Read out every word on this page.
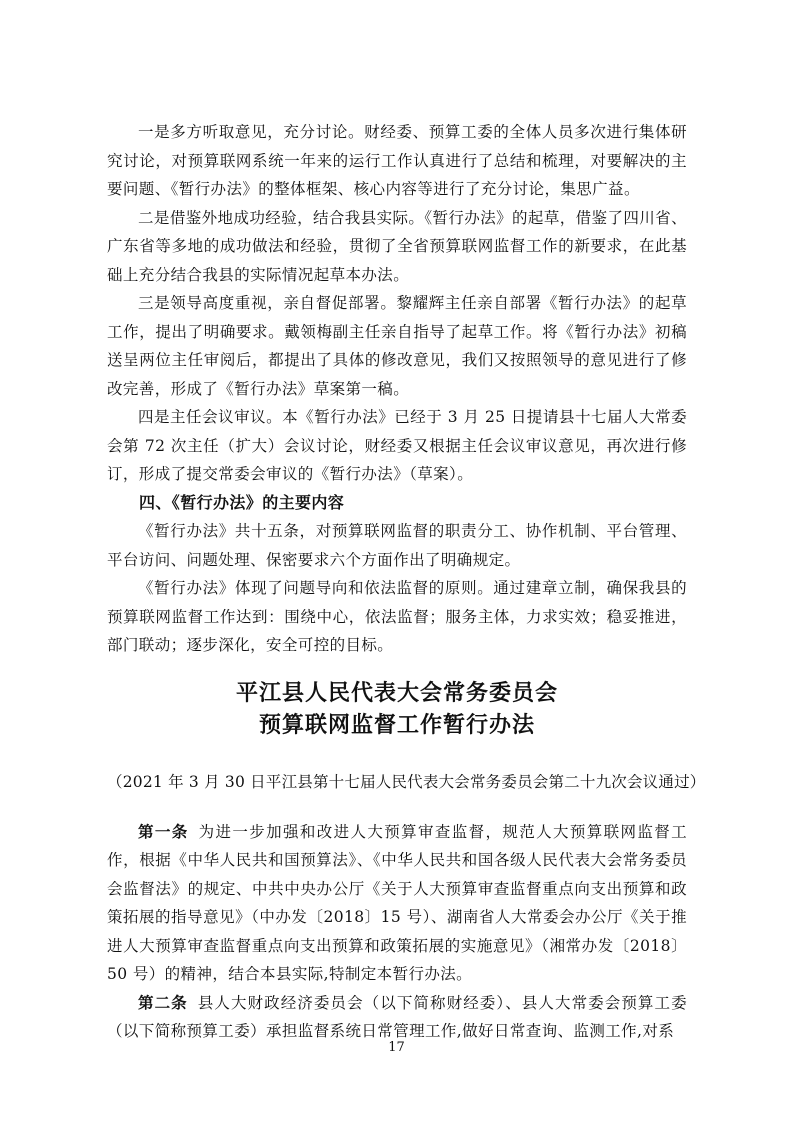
一是多方听取意见，充分讨论。财经委、预算工委的全体人员多次进行集体研究讨论，对预算联网系统一年来的运行工作认真进行了总结和梳理，对要解决的主要问题、《暂行办法》的整体框架、核心内容等进行了充分讨论，集思广益。

二是借鉴外地成功经验，结合我县实际。《暂行办法》的起草，借鉴了四川省、广东省等多地的成功做法和经验，贯彻了全省预算联网监督工作的新要求，在此基础上充分结合我县的实际情况起草本办法。

三是领导高度重视，亲自督促部署。黎耀辉主任亲自部署《暂行办法》的起草工作，提出了明确要求。戴领梅副主任亲自指导了起草工作。将《暂行办法》初稿送呈两位主任审阅后，都提出了具体的修改意见，我们又按照领导的意见进行了修改完善，形成了《暂行办法》草案第一稿。

四是主任会议审议。本《暂行办法》已经于 3 月 25 日提请县十七届人大常委会第 72 次主任（扩大）会议讨论，财经委又根据主任会议审议意见，再次进行修订，形成了提交常委会审议的《暂行办法》（草案）。

四、《暂行办法》的主要内容

《暂行办法》共十五条，对预算联网监督的职责分工、协作机制、平台管理、平台访问、问题处理、保密要求六个方面作出了明确规定。

《暂行办法》体现了问题导向和依法监督的原则。通过建章立制，确保我县的预算联网监督工作达到：围绕中心，依法监督；服务主体，力求实效；稳妥推进，部门联动；逐步深化，安全可控的目标。

平江县人民代表大会常务委员会

预算联网监督工作暂行办法

（2021 年 3 月 30 日平江县第十七届人民代表大会常务委员会第二十九次会议通过）

第一条 为进一步加强和改进人大预算审查监督，规范人大预算联网监督工作，根据《中华人民共和国预算法》、《中华人民共和国各级人民代表大会常务委员会监督法》的规定、中共中央办公厅《关于人大预算审查监督重点向支出预算和政策拓展的指导意见》（中办发〔2018〕15 号）、湖南省人大常委会办公厅《关于推进人大预算审查监督重点向支出预算和政策拓展的实施意见》（湘常办发〔2018〕50 号）的精神，结合本县实际,特制定本暂行办法。

第二条 县人大财政经济委员会（以下简称财经委）、县人大常委会预算工委（以下简称预算工委）承担监督系统日常管理工作,做好日常查询、监测工作,对系

17
